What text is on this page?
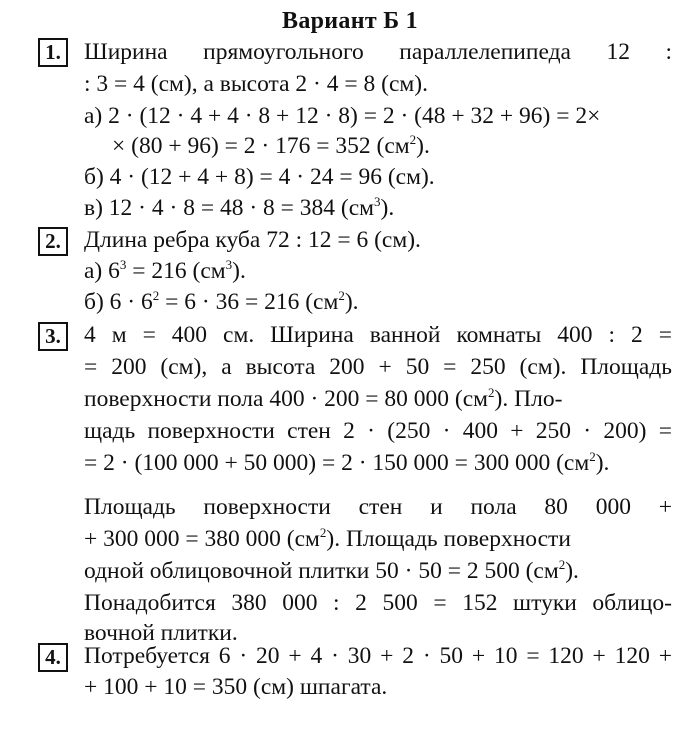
Вариант Б 1
1. Ширина прямоугольного параллелепипеда 12 :
: 3 = 4 (см), а высота 2 · 4 = 8 (см).
а) 2 · (12 · 4 + 4 · 8 + 12 · 8) = 2 · (48 + 32 + 96) = 2×
× (80 + 96) = 2 · 176 = 352 $(см^2)$.
б) 4 · (12 + 4 + 8) = 4 · 24 = 96 (см).
в) 12 · 4 · 8 = 48 · 8 = 384 $(см^3)$.
2. Длина ребра куба 72 : 12 = 6 (см).
а) $6^3 = 216$ $(см^3)$.
б) $6 \cdot 6^2 = 6 \cdot 36 = 216$ $(см^2)$.
3. 4 м = 400 см. Ширина ванной комнаты 400 : 2 =
= 200 (см), а высота 200 + 50 = 250 (см). Площадь
поверхности пола 400 · 200 = 80 000 $(см^2)$. Пло-
щадь поверхности стен 2 · (250 · 400 + 250 · 200) =
= 2 · (100 000 + 50 000) = 2 · 150 000 = 300 000 $(см^2)$.
Площадь поверхности стен и пола 80 000 +
+ 300 000 = 380 000 $(см^2)$. Площадь поверхности
одной облицовочной плитки 50 · 50 = 2 500 $(см^2)$.
Понадобится 380 000 : 2 500 = 152 штуки облицо-
вочной плитки.
4. Потребуется 6 · 20 + 4 · 30 + 2 · 50 + 10 = 120 + 120 +
+ 100 + 10 = 350 (см) шпагата.
